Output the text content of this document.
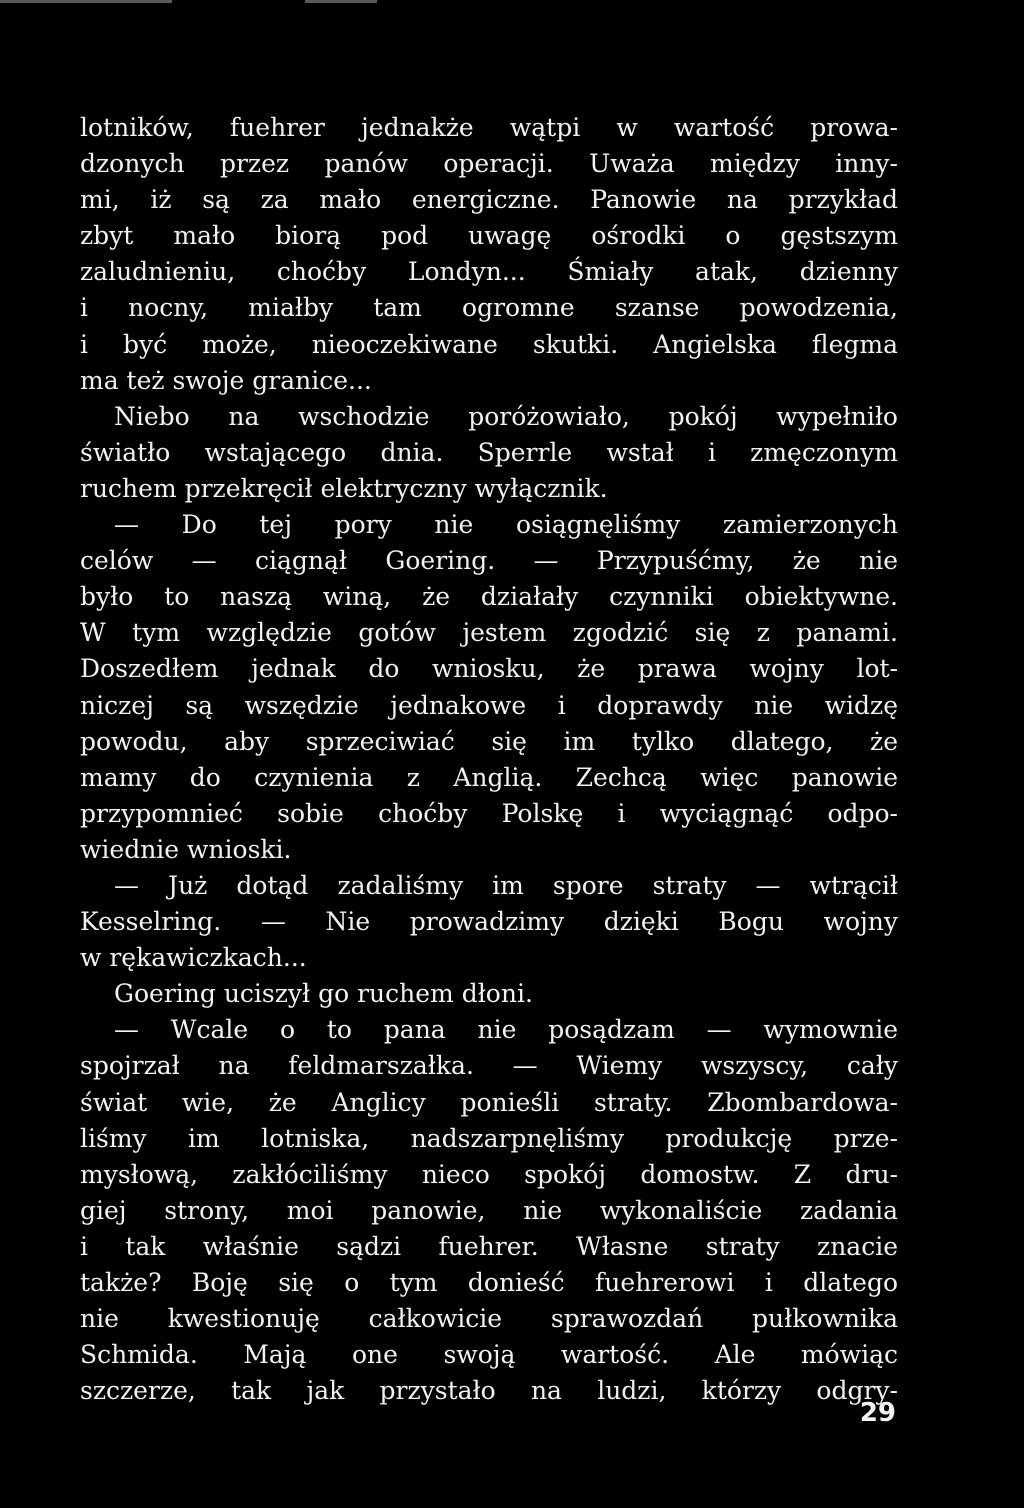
lotników, fuehrer jednakże wątpi w wartość prowa-
dzonych przez panów operacji. Uważa między inny-
mi, iż są za mało energiczne. Panowie na przykład
zbyt mało biorą pod uwagę ośrodki o gęstszym
zaludnieniu, choćby Londyn... Śmiały atak, dzienny
i nocny, miałby tam ogromne szanse powodzenia,
i być może, nieoczekiwane skutki. Angielska flegma
ma też swoje granice...
Niebo na wschodzie poróżowiało, pokój wypełniło
światło wstającego dnia. Sperrle wstał i zmęczonym
ruchem przekręcił elektryczny wyłącznik.
— Do tej pory nie osiągnęliśmy zamierzonych
celów — ciągnął Goering. — Przypuśćmy, że nie
było to naszą winą, że działały czynniki obiektywne.
W tym względzie gotów jestem zgodzić się z panami.
Doszedłem jednak do wniosku, że prawa wojny lot-
niczej są wszędzie jednakowe i doprawdy nie widzę
powodu, aby sprzeciwiać się im tylko dlatego, że
mamy do czynienia z Anglią. Zechcą więc panowie
przypomnieć sobie choćby Polskę i wyciągnąć odpo-
wiednie wnioski.
— Już dotąd zadaliśmy im spore straty — wtrącił
Kesselring. — Nie prowadzimy dzięki Bogu wojny
w rękawiczkach...
Goering uciszył go ruchem dłoni.
— Wcale o to pana nie posądzam — wymownie
spojrzał na feldmarszałka. — Wiemy wszyscy, cały
świat wie, że Anglicy ponieśli straty. Zbombardowa-
liśmy im lotniska, nadszarpnęliśmy produkcję prze-
mysłową, zakłóciliśmy nieco spokój domostw. Z dru-
giej strony, moi panowie, nie wykonaliście zadania
i tak właśnie sądzi fuehrer. Własne straty znacie
także? Boję się o tym donieść fuehrerowi i dlatego
nie kwestionuję całkowicie sprawozdań pułkownika
Schmida. Mają one swoją wartość. Ale mówiąc
szczerze, tak jak przystało na ludzi, którzy odgry-
29
